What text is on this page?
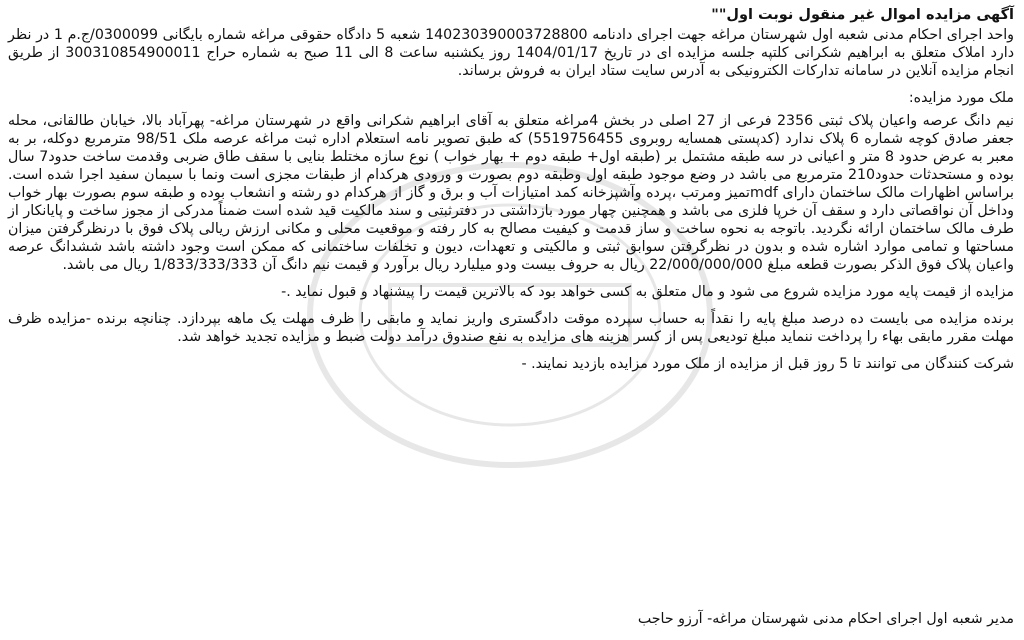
آگهی مزایده اموال غیر منقول نوبت اول""

واحد اجرای احکام مدنی شعبه اول شهرستان مراغه جهت اجرای دادنامه 140230390003728800 شعبه 5 دادگاه حقوقی مراغه شماره بایگانی 0300099/ج.م 1 در نظر دارد املاک متعلق به ابراهیم شکرانی کلتپه جلسه مزایده ای در تاریخ 1404/01/17 روز یکشنبه ساعت 8 الی 11 صبح به شماره حراج 300310854900011 از طریق انجام مزایده آنلاین در سامانه تدارکات الکترونیکی به آدرس سایت ستاد ایران به فروش برساند.

ملک مورد مزایده:

نیم دانگ عرصه واعیان پلاک ثبتی 2356 فرعی از 27 اصلی در بخش 4مراغه متعلق به آقای ابراهیم شکرانی واقع در شهرستان مراغه- پهرآباد بالا، خیابان طالقانی، محله جعفر صادق کوچه شماره 6 پلاک ندارد (کدپستی همسایه روبروی 5519756455) که طبق تصویر نامه استعلام اداره ثبت مراغه عرصه ملک 98/51 مترمربع دوکله، بر به معبر به عرض حدود 8 متر و اعیانی در سه طبقه مشتمل بر (طبقه اول+ طبقه دوم + بهار خواب ) نوع سازه مختلط بنایی با سقف طاق ضربی وقدمت ساخت حدود7 سال بوده و مستحدثات حدود210 مترمربع می باشد در وضع موجود طبقه اول وطبقه دوم بصورت و ورودی هرکدام از طبقات مجزی است ونما با سیمان سفید اجرا شده است. براساس اظهارات مالک ساختمان دارای mdfتمیز ومرتب ،پرده وآشپزخانه کمد امتیازات آب و برق و گاز از هرکدام دو رشته و انشعاب بوده و طبقه سوم بصورت بهار خواب وداخل آن نواقصاتی دارد و سقف آن خرپا فلزی می باشد و همچنین چهار مورد بازداشتی در دفترثبتی و سند مالکیت قید شده است ضمناً مدرکی از مجوز ساخت و پایانکار از طرف مالک ساختمان ارائه نگردید. باتوجه به نحوه ساخت و ساز قدمت و کیفیت مصالح به کار رفته و موقعیت محلی و مکانی ارزش ریالی پلاک فوق با درنظرگرفتن میزان مساحتها و تمامی موارد اشاره شده و بدون در نظرگرفتن سوابق ثبتی و مالکیتی و تعهدات، دیون و تخلفات ساختمانی که ممکن است وجود داشته باشد ششدانگ عرصه واعیان پلاک فوق الذکر بصورت قطعه مبلغ 22/000/000/000 ریال به حروف بیست ودو میلیارد ریال برآورد و قیمت نیم دانگ آن 1/833/333/333 ریال می باشد.

مزایده از قیمت پایه مورد مزایده شروع می شود و مال متعلق به کسی خواهد بود که بالاترین قیمت را پیشنهاد و قبول نماید .-

برنده مزایده می بایست ده درصد مبلغ پایه را نقداً به حساب سپرده موقت دادگستری واریز نماید و مابقی را ظرف مهلت یک ماهه بپردازد. چنانچه برنده -مزایده ظرف مهلت مقرر مابقی بهاء را پرداخت ننماید مبلغ تودیعی پس از کسر هزینه های مزایده به نفع صندوق درآمد دولت ضبط و مزایده تجدید خواهد شد.

شرکت کنندگان می توانند تا 5 روز قبل از مزایده از ملک مورد مزایده بازدید نمایند. -

مدیر شعبه اول اجرای احکام مدنی شهرستان مراغه- آرزو حاجب
